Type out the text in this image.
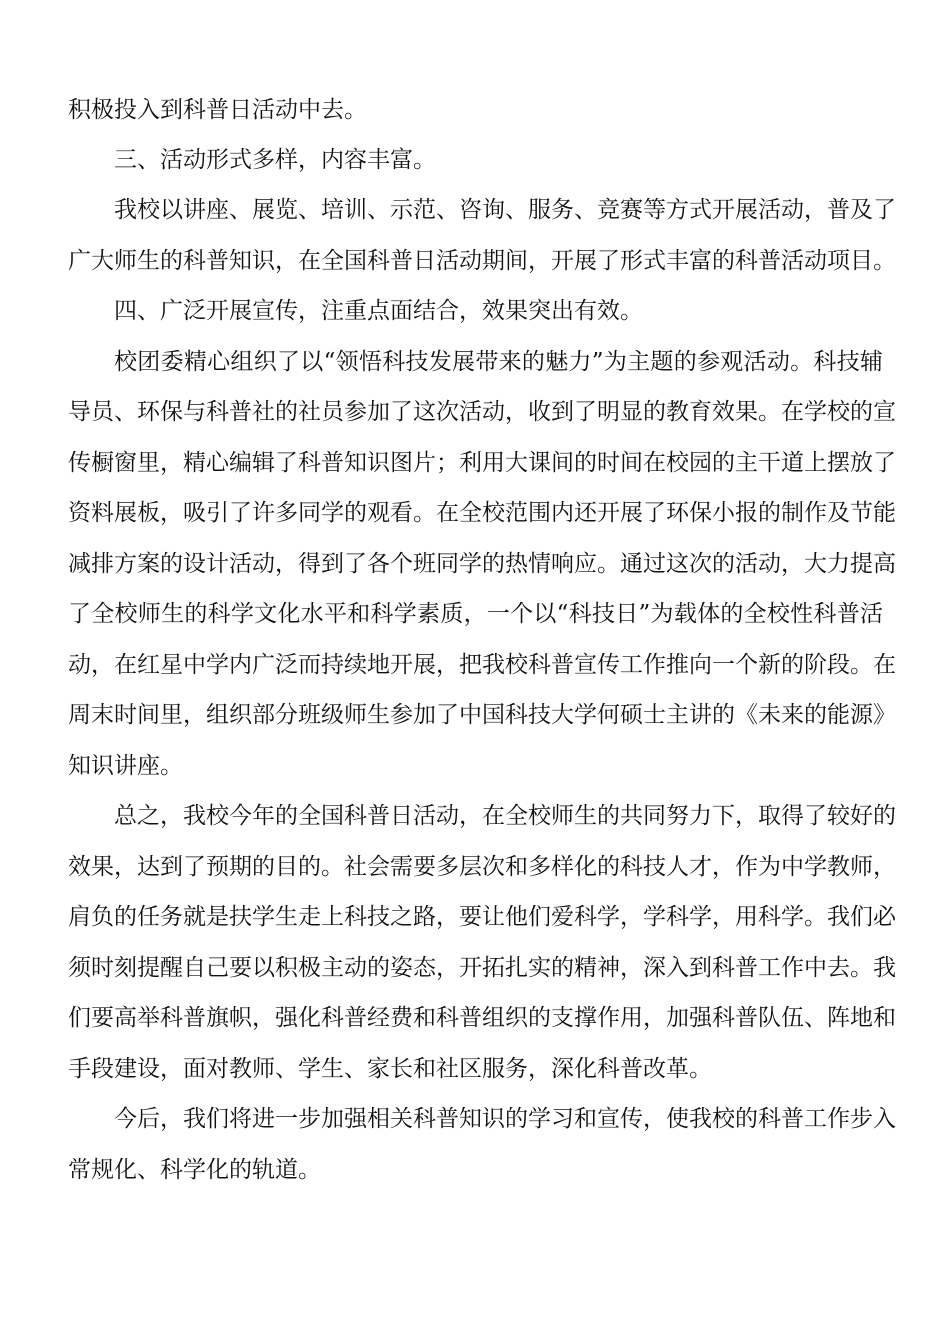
积极投入到科普日活动中去。
三、活动形式多样，内容丰富。
我校以讲座、展览、培训、示范、咨询、服务、竞赛等方式开展活动，普及了
广大师生的科普知识，在全国科普日活动期间，开展了形式丰富的科普活动项目。
四、广泛开展宣传，注重点面结合，效果突出有效。
校团委精心组织了以“领悟科技发展带来的魅力”为主题的参观活动。科技辅
导员、环保与科普社的社员参加了这次活动，收到了明显的教育效果。在学校的宣
传橱窗里，精心编辑了科普知识图片；利用大课间的时间在校园的主干道上摆放了
资料展板，吸引了许多同学的观看。在全校范围内还开展了环保小报的制作及节能
减排方案的设计活动，得到了各个班同学的热情响应。通过这次的活动，大力提高
了全校师生的科学文化水平和科学素质，一个以“科技日”为载体的全校性科普活
动，在红星中学内广泛而持续地开展，把我校科普宣传工作推向一个新的阶段。在
周末时间里，组织部分班级师生参加了中国科技大学何硕士主讲的《未来的能源》
知识讲座。
总之，我校今年的全国科普日活动，在全校师生的共同努力下，取得了较好的
效果，达到了预期的目的。社会需要多层次和多样化的科技人才，作为中学教师，
肩负的任务就是扶学生走上科技之路，要让他们爱科学，学科学，用科学。我们必
须时刻提醒自己要以积极主动的姿态，开拓扎实的精神，深入到科普工作中去。我
们要高举科普旗帜，强化科普经费和科普组织的支撑作用，加强科普队伍、阵地和
手段建设，面对教师、学生、家长和社区服务，深化科普改革。
今后，我们将进一步加强相关科普知识的学习和宣传，使我校的科普工作步入
常规化、科学化的轨道。
